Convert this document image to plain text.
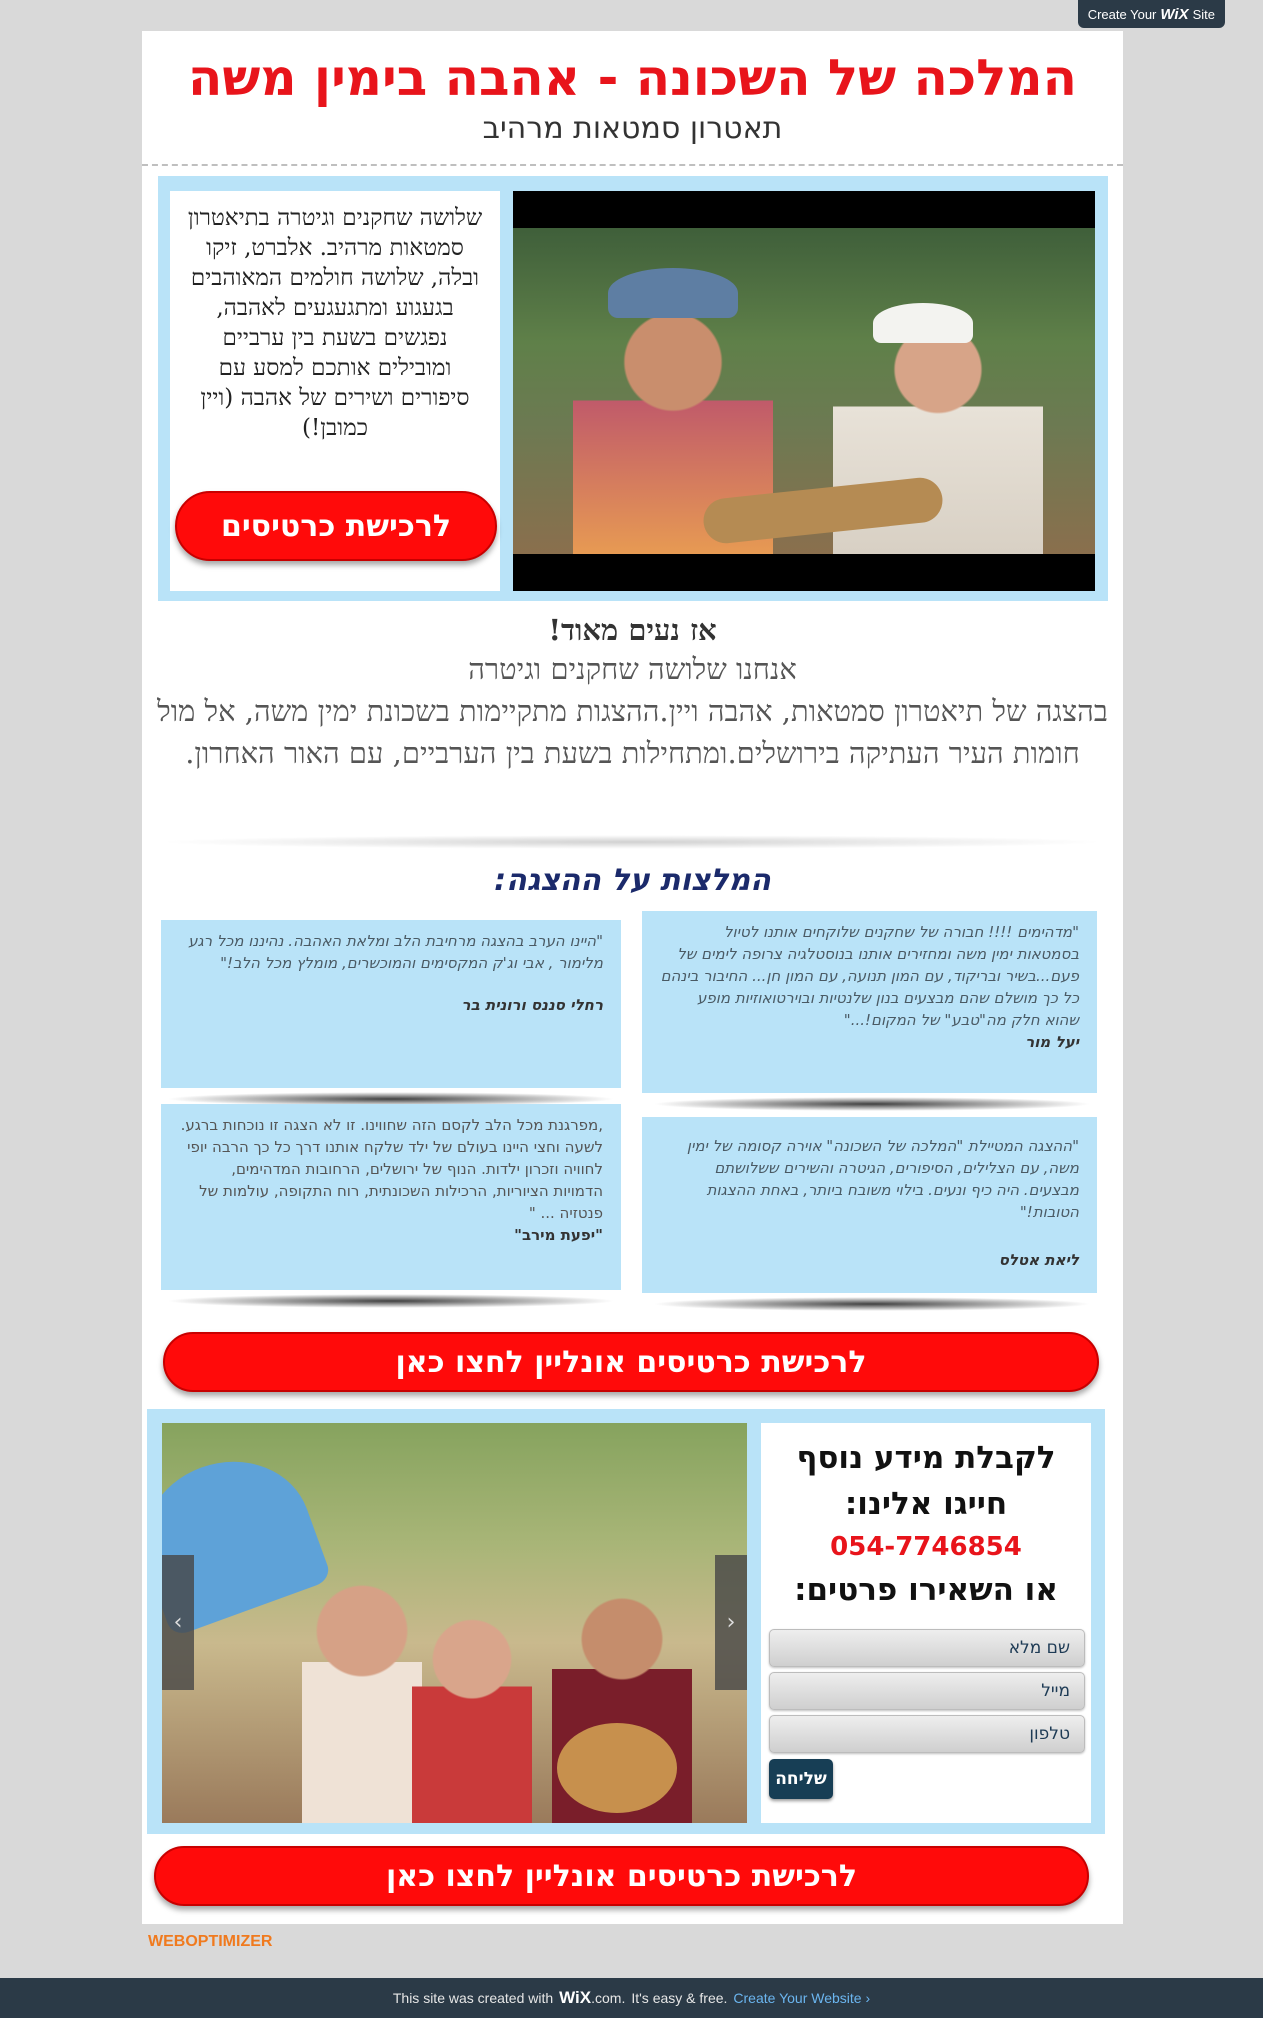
Create Your WiX Site
המלכה של השכונה - אהבה בימין משה
תאטרון סמטאות מרהיב
שלושה שחקנים וגיטרה בתיאטרון סמטאות מרהיב. אלברט, זיקו ובלה, שלושה חולמים המאוהבים בגעגוע ומתגעגעים לאהבה, נפגשים בשעת בין ערביים ומובילים אותכם למסע עם סיפורים ושירים של אהבה (ויין כמובן!)
לרכישת כרטיסים
אז נעים מאוד!
אנחנו שלושה שחקנים וגיטרה
בהצגה של תיאטרון סמטאות, אהבה ויין.ההצגות מתקיימות בשכונת ימין משה, אל מול חומות העיר העתיקה בירושלים.ומתחילות בשעת בין הערביים, עם האור האחרון.
המלצות על ההצגה:
"מדהימים !!!! חבורה של שחקנים שלוקחים אותנו לטיול בסמטאות ימין משה ומחזירים אותנו בנוסטלגיה צרופה לימים של פעם...בשיר ובריקוד, עם המון תנועה, עם המון חן... החיבור בינהם כל כך מושלם שהם מבצעים בנון שלנטיות ובוירטואוזיות מופע שהוא חלק מה"טבע" של המקום!..."
יעל מור
"היינו הערב בהצגה מרחיבת הלב ומלאת האהבה. נהיננו מכל רגע מלימור , אבי וג'ק המקסימים והמוכשרים, מומלץ מכל הלב!"
רחלי סננס ורונית בר
"ההצגה המטיילת "המלכה של השכונה" אוירה קסומה של ימין משה, עם הצלילים, הסיפורים, הגיטרה והשירים ששלושתם מבצעים. היה כיף ונעים. בילוי משובח ביותר, באחת ההצגות הטובות!"
ליאת אטלס
,מפרגנת מכל הלב לקסם הזה שחווינו. זו לא הצגה זו נוכחות ברגע. לשעה וחצי היינו בעולם של ילד שלקח אותנו דרך כל כך הרבה יופי לחוויה וזכרון ילדות. הנוף של ירושלים, הרחובות המדהימים, הדמויות הציוריות, הרכילות השכונתית, רוח התקופה, עולמות של פנטזיה ... "
"יפעת מירב"
לרכישת כרטיסים אונליין לחצו כאן
‹	›
לקבלת מידע נוסף
חייגו אלינו:
054-7746854
או השאירו פרטים:
שם מלא
מייל
טלפון
שליחה
לרכישת כרטיסים אונליין לחצו כאן
WEBOPTIMIZER
This site was created with WiX.com. It's easy & free. Create Your Website ›
